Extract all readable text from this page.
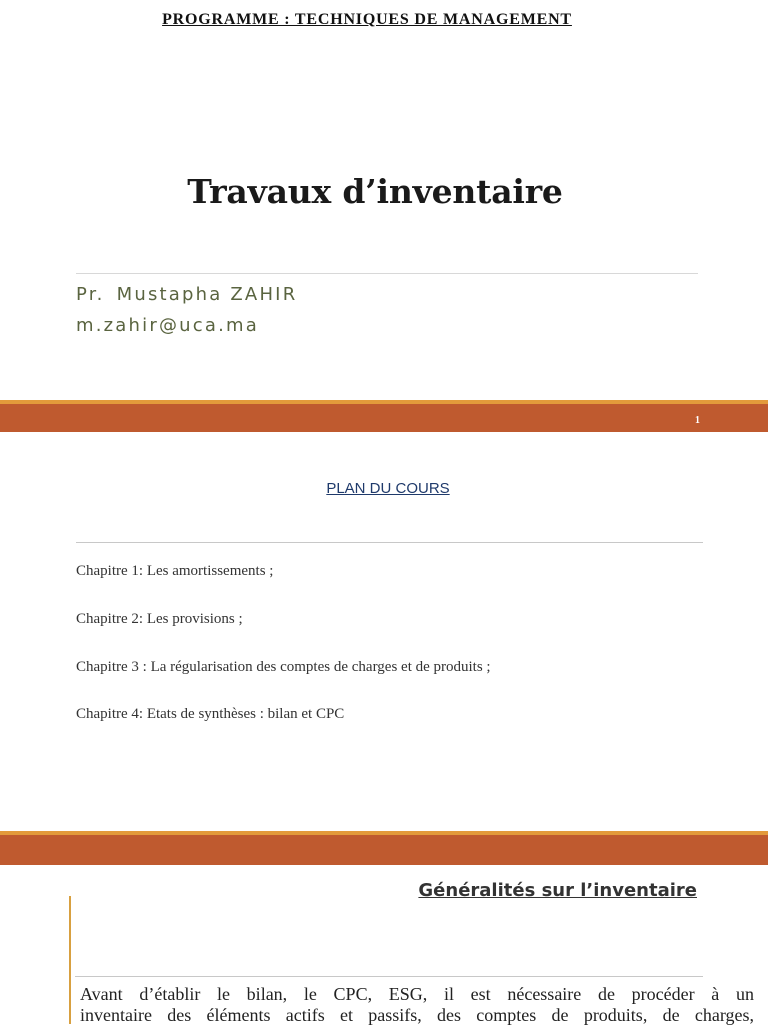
PROGRAMME : TECHNIQUES DE MANAGEMENT
Travaux d’inventaire
Pr. Mustapha ZAHIR
m.zahir@uca.ma
1
PLAN DU COURS
Chapitre 1: Les amortissements ;
Chapitre 2: Les provisions ;
Chapitre 3 : La régularisation des comptes de charges et de produits ;
Chapitre 4: Etats de synthèses : bilan et CPC
Généralités sur l’inventaire
Avant d’établir le bilan, le CPC, ESG, il est nécessaire de procéder à un
inventaire des éléments actifs et passifs, des comptes de produits, de charges,
